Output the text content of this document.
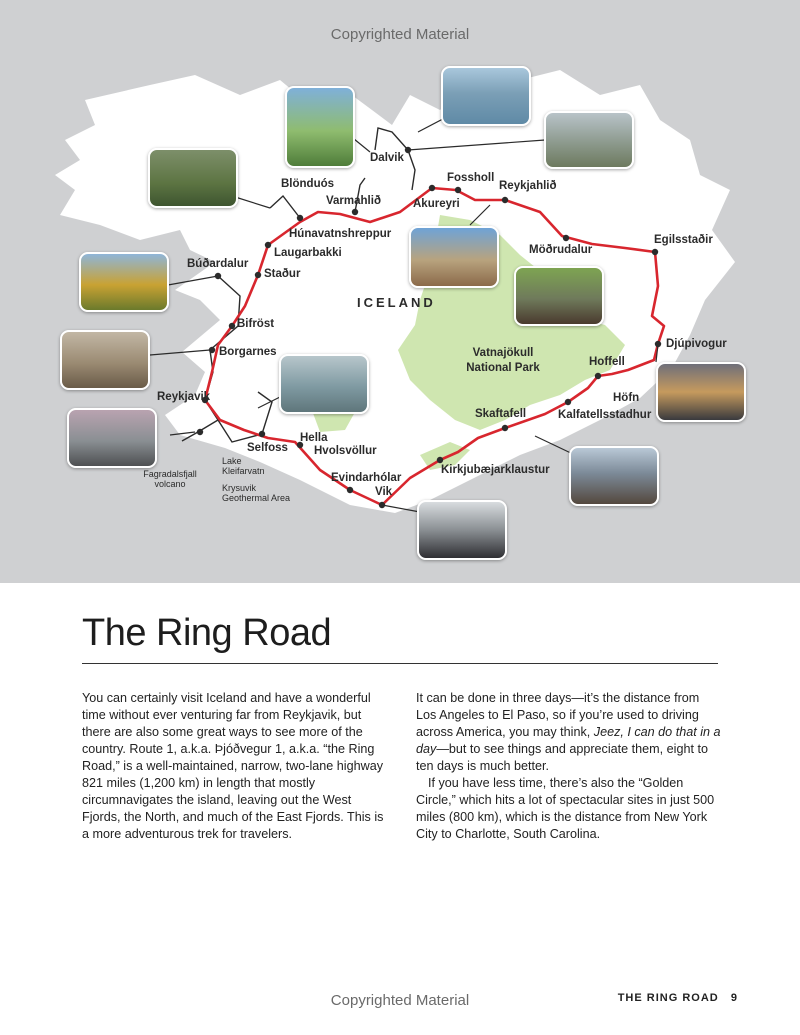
Copyrighted Material
Dalvik
Blönduós
Varmahlið
Fossholl
Reykjahlið
Akureyri
Húnavatnshreppur
Laugarbakki
Búðardalur
Staður
Möðrudalur
Egilsstaðir
ICELAND
Bifröst
Borgarnes
Djúpivogur
Vatnajökull National Park	Hoffell
Höfn
Reykjavik
Kalfatellsstadhur
Skaftafell
Hella
Hvolsvöllur
Selfoss
Kirkjubæjarklaustur
Evindarhólar
Vik
Lake Kleifarvatn
Fagradalsfjall volcano	Krysuvik Geothermal Area
The Ring Road

You can certainly visit Iceland and have a wonderful time without ever venturing far from Reykjavik, but there are also some great ways to see more of the country. Route 1, a.k.a. Þjóðvegur 1, a.k.a. “the Ring Road,” is a well-maintained, narrow, two-lane highway 821 miles (1,200 km) in length that mostly circumnavigates the island, leaving out the West Fjords, the North, and much of the East Fjords. This is a more adventurous trek for travelers.

It can be done in three days—it’s the distance from Los Angeles to El Paso, so if you’re used to driving across America, you may think, Jeez, I can do that in a day—but to see things and appreciate them, eight to ten days is much better.

If you have less time, there’s also the “Golden Circle,” which hits a lot of spectacular sites in just 500 miles (800 km), which is the distance from New York City to Charlotte, South Carolina.

Copyrighted Material	THE RING ROAD 9
